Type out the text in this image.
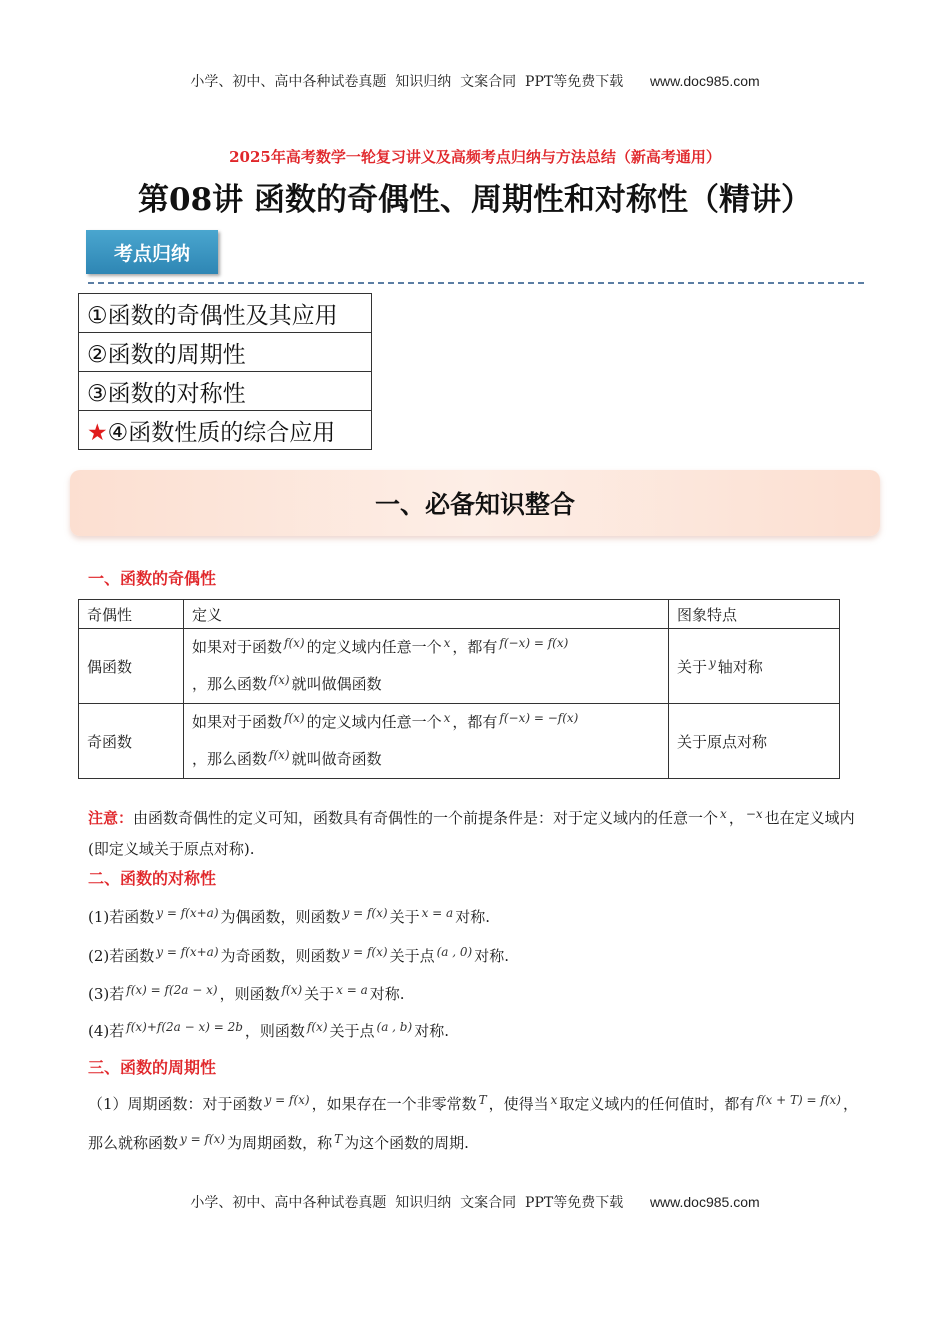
小学、初中、高中各种试卷真题  知识归纳  文案合同  PPT等免费下载 www.doc985.com
2025年高考数学一轮复习讲义及高频考点归纳与方法总结（新高考通用）
第08讲 函数的奇偶性、周期性和对称性（精讲）
考点归纳
①函数的奇偶性及其应用
②函数的周期性
③函数的对称性
★④函数性质的综合应用
一、必备知识整合
一、函数的奇偶性
奇偶性	定义	图象特点
偶函数	如果对于函数 $^{f(x)}$ 的定义域内任意一个 $^x$ ，都有 $^{f(-x) = f(x)}$
，那么函数 $^{f(x)}$ 就叫做偶函数	关于 $^y$ 轴对称
奇函数	如果对于函数 $^{f(x)}$ 的定义域内任意一个 $^x$ ，都有 $^{f(-x) = -f(x)}$
，那么函数 $^{f(x)}$ 就叫做奇函数	关于原点对称
注意：由函数奇偶性的定义可知，函数具有奇偶性的一个前提条件是：对于定义域内的任意一个 $^x$ ， $^{-x}$ 也在定义域内(即定义域关于原点对称).
二、函数的对称性
(1)若函数 $^{y = f(x+a)}$ 为偶函数，则函数 $^{y = f(x)}$ 关于 $^{x = a}$ 对称.
(2)若函数 $^{y = f(x+a)}$ 为奇函数，则函数 $^{y = f(x)}$ 关于点 $^{(a , 0)}$ 对称.
(3)若 $^{f(x) = f(2a - x)}$ ，则函数 $^{f(x)}$ 关于 $^{x = a}$ 对称.
(4)若 $^{f(x)+f(2a - x) = 2b}$ ，则函数 $^{f(x)}$ 关于点 $^{(a , b)}$ 对称.
三、函数的周期性
（1）周期函数：对于函数 $^{y = f(x)}$ ，如果存在一个非零常数 $^T$ ，使得当 $^x$ 取定义域内的任何值时，都有 $^{f(x + T) = f(x)}$ ，那么就称函数 $^{y = f(x)}$ 为周期函数，称 $^T$ 为这个函数的周期.
小学、初中、高中各种试卷真题  知识归纳  文案合同  PPT等免费下载 www.doc985.com
